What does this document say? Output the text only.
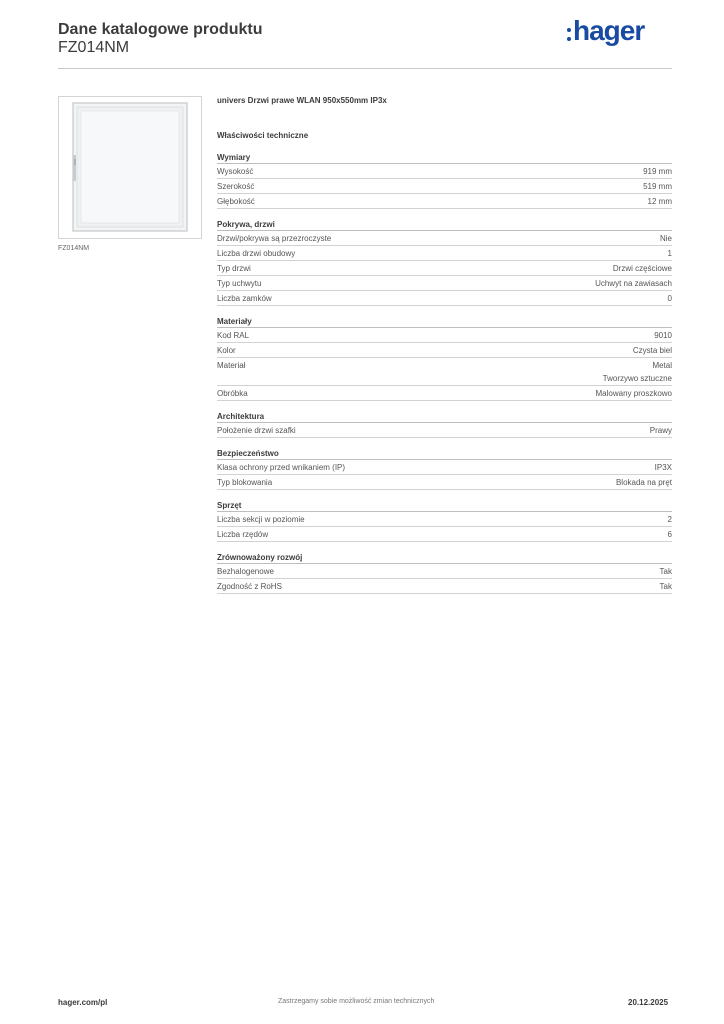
Dane katalogowe produktu
FZ014NM
hager
FZ014NM
univers Drzwi prawe WLAN 950x550mm IP3x
Właściwości techniczne
Wymiary
Wysokość	919 mm
Szerokość	519 mm
Głębokość	12 mm
Pokrywa, drzwi
Drzwi/pokrywa są przezroczyste	Nie
Liczba drzwi obudowy	1
Typ drzwi	Drzwi częściowe
Typ uchwytu	Uchwyt na zawiasach
Liczba zamków	0
Materiały
Kod RAL	9010
Kolor	Czysta biel
Materiał	Metal
Tworzywo sztuczne
Obróbka	Malowany proszkowo
Architektura
Położenie drzwi szafki	Prawy
Bezpieczeństwo
Klasa ochrony przed wnikaniem (IP)	IP3X
Typ blokowania	Blokada na pręt
Sprzęt
Liczba sekcji w poziomie	2
Liczba rzędów	6
Zrównoważony rozwój
Bezhalogenowe	Tak
Zgodność z RoHS	Tak
hager.com/pl	Zastrzegamy sobie możliwość zmian technicznych	20.12.2025
